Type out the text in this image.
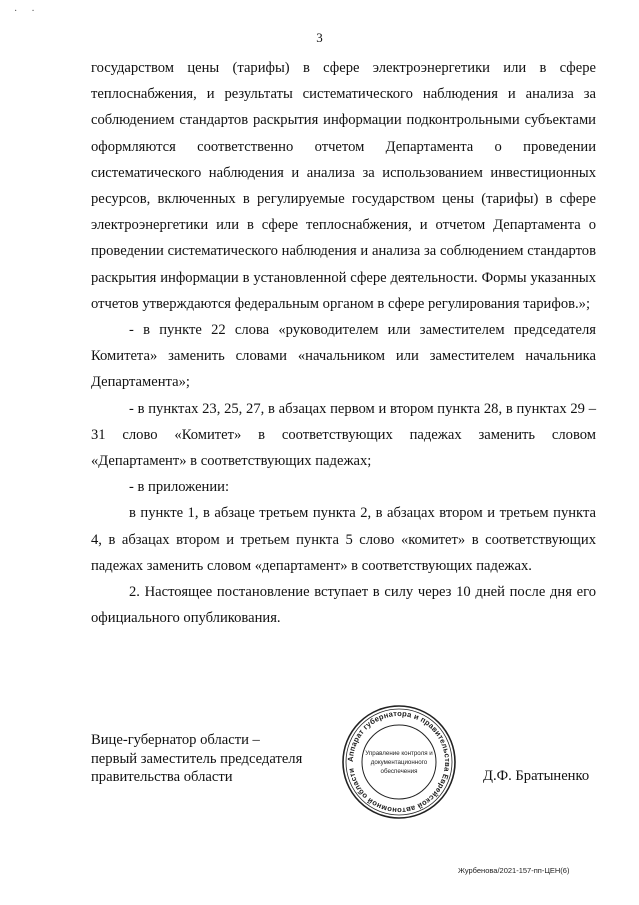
··
3

государством цены (тарифы) в сфере электроэнергетики или в сфере теплоснабжения, и результаты систематического наблюдения и анализа за соблюдением стандартов раскрытия информации подконтрольными субъектами оформляются соответственно отчетом Департамента о проведении систематического наблюдения и анализа за использованием инвестиционных ресурсов, включенных в регулируемые государством цены (тарифы) в сфере электроэнергетики или в сфере теплоснабжения, и отчетом Департамента о проведении систематического наблюдения и анализа за соблюдением стандартов раскрытия информации в установленной сфере деятельности. Формы указанных отчетов утверждаются федеральным органом в сфере регулирования тарифов.»;

- в пункте 22 слова «руководителем или заместителем председателя Комитета» заменить словами «начальником или заместителем начальника Департамента»;

- в пунктах 23, 25, 27, в абзацах первом и втором пункта 28, в пунктах 29 – 31 слово «Комитет» в соответствующих падежах заменить словом «Департамент» в соответствующих падежах;

- в приложении:

в пункте 1, в абзаце третьем пункта 2, в абзацах втором и третьем пункта 4, в абзацах втором и третьем пункта 5 слово «комитет» в соответствующих падежах заменить словом «департамент» в соответствующих падежах.

2. Настоящее постановление вступает в силу через 10 дней после дня его официального опубликования.

Вице-губернатор области –
первый заместитель председателя
правительства области
Аппарат губернатора и правительства Еврейской автономной области
Управление контроля и
документационного
обеспечения	Д.Ф. Братыненко
Журбенова/2021-157-пп-ЦЕН(6)
